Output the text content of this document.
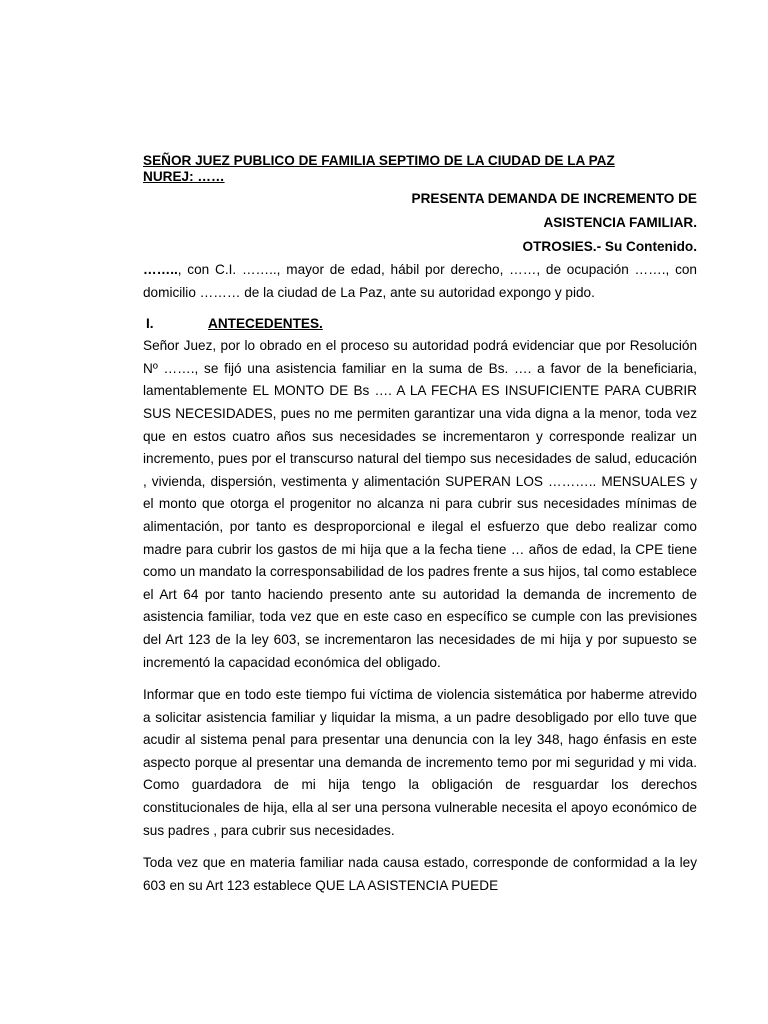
SEÑOR JUEZ PUBLICO DE FAMILIA SEPTIMO DE LA CIUDAD DE LA PAZ

NUREJ: ……

PRESENTA DEMANDA DE INCREMENTO DE

ASISTENCIA FAMILIAR.

OTROSIES.- Su Contenido.

…….., con C.I. …….., mayor de edad, hábil por derecho, ……, de ocupación ……., con domicilio ……… de la ciudad de La Paz, ante su autoridad expongo y pido.

I.	ANTECEDENTES.

Señor Juez, por lo obrado en el proceso su autoridad podrá evidenciar que por Resolución Nº ……., se fijó una asistencia familiar en la suma de Bs. …. a favor de la beneficiaria, lamentablemente EL MONTO DE Bs …. A LA FECHA ES INSUFICIENTE PARA CUBRIR SUS NECESIDADES, pues no me permiten garantizar una vida digna a la menor, toda vez que en estos cuatro años sus necesidades se incrementaron y corresponde realizar un incremento, pues por el transcurso natural del tiempo sus necesidades de salud, educación , vivienda, dispersión, vestimenta y alimentación SUPERAN LOS ……….. MENSUALES y el monto que otorga el progenitor no alcanza ni para cubrir sus necesidades mínimas de alimentación, por tanto es desproporcional e ilegal el esfuerzo que debo realizar como madre para cubrir los gastos de mi hija que a la fecha tiene … años de edad, la CPE tiene como un mandato la corresponsabilidad de los padres frente a sus hijos, tal como establece el Art 64 por tanto haciendo presento ante su autoridad la demanda de incremento de asistencia familiar, toda vez que en este caso en específico se cumple con las previsiones del Art 123 de la ley 603, se incrementaron las necesidades de mi hija y por supuesto se incrementó la capacidad económica del obligado.

Informar que en todo este tiempo fui víctima de violencia sistemática por haberme atrevido a solicitar asistencia familiar y liquidar la misma, a un padre desobligado por ello tuve que acudir al sistema penal para presentar una denuncia con la ley 348, hago énfasis en este aspecto porque al presentar una demanda de incremento temo por mi seguridad y mi vida. Como guardadora de mi hija tengo la obligación de resguardar los derechos constitucionales de hija, ella al ser una persona vulnerable necesita el apoyo económico de sus padres , para cubrir sus necesidades.

Toda vez que en materia familiar nada causa estado, corresponde de conformidad a la ley 603 en su Art 123 establece QUE LA ASISTENCIA PUEDE
